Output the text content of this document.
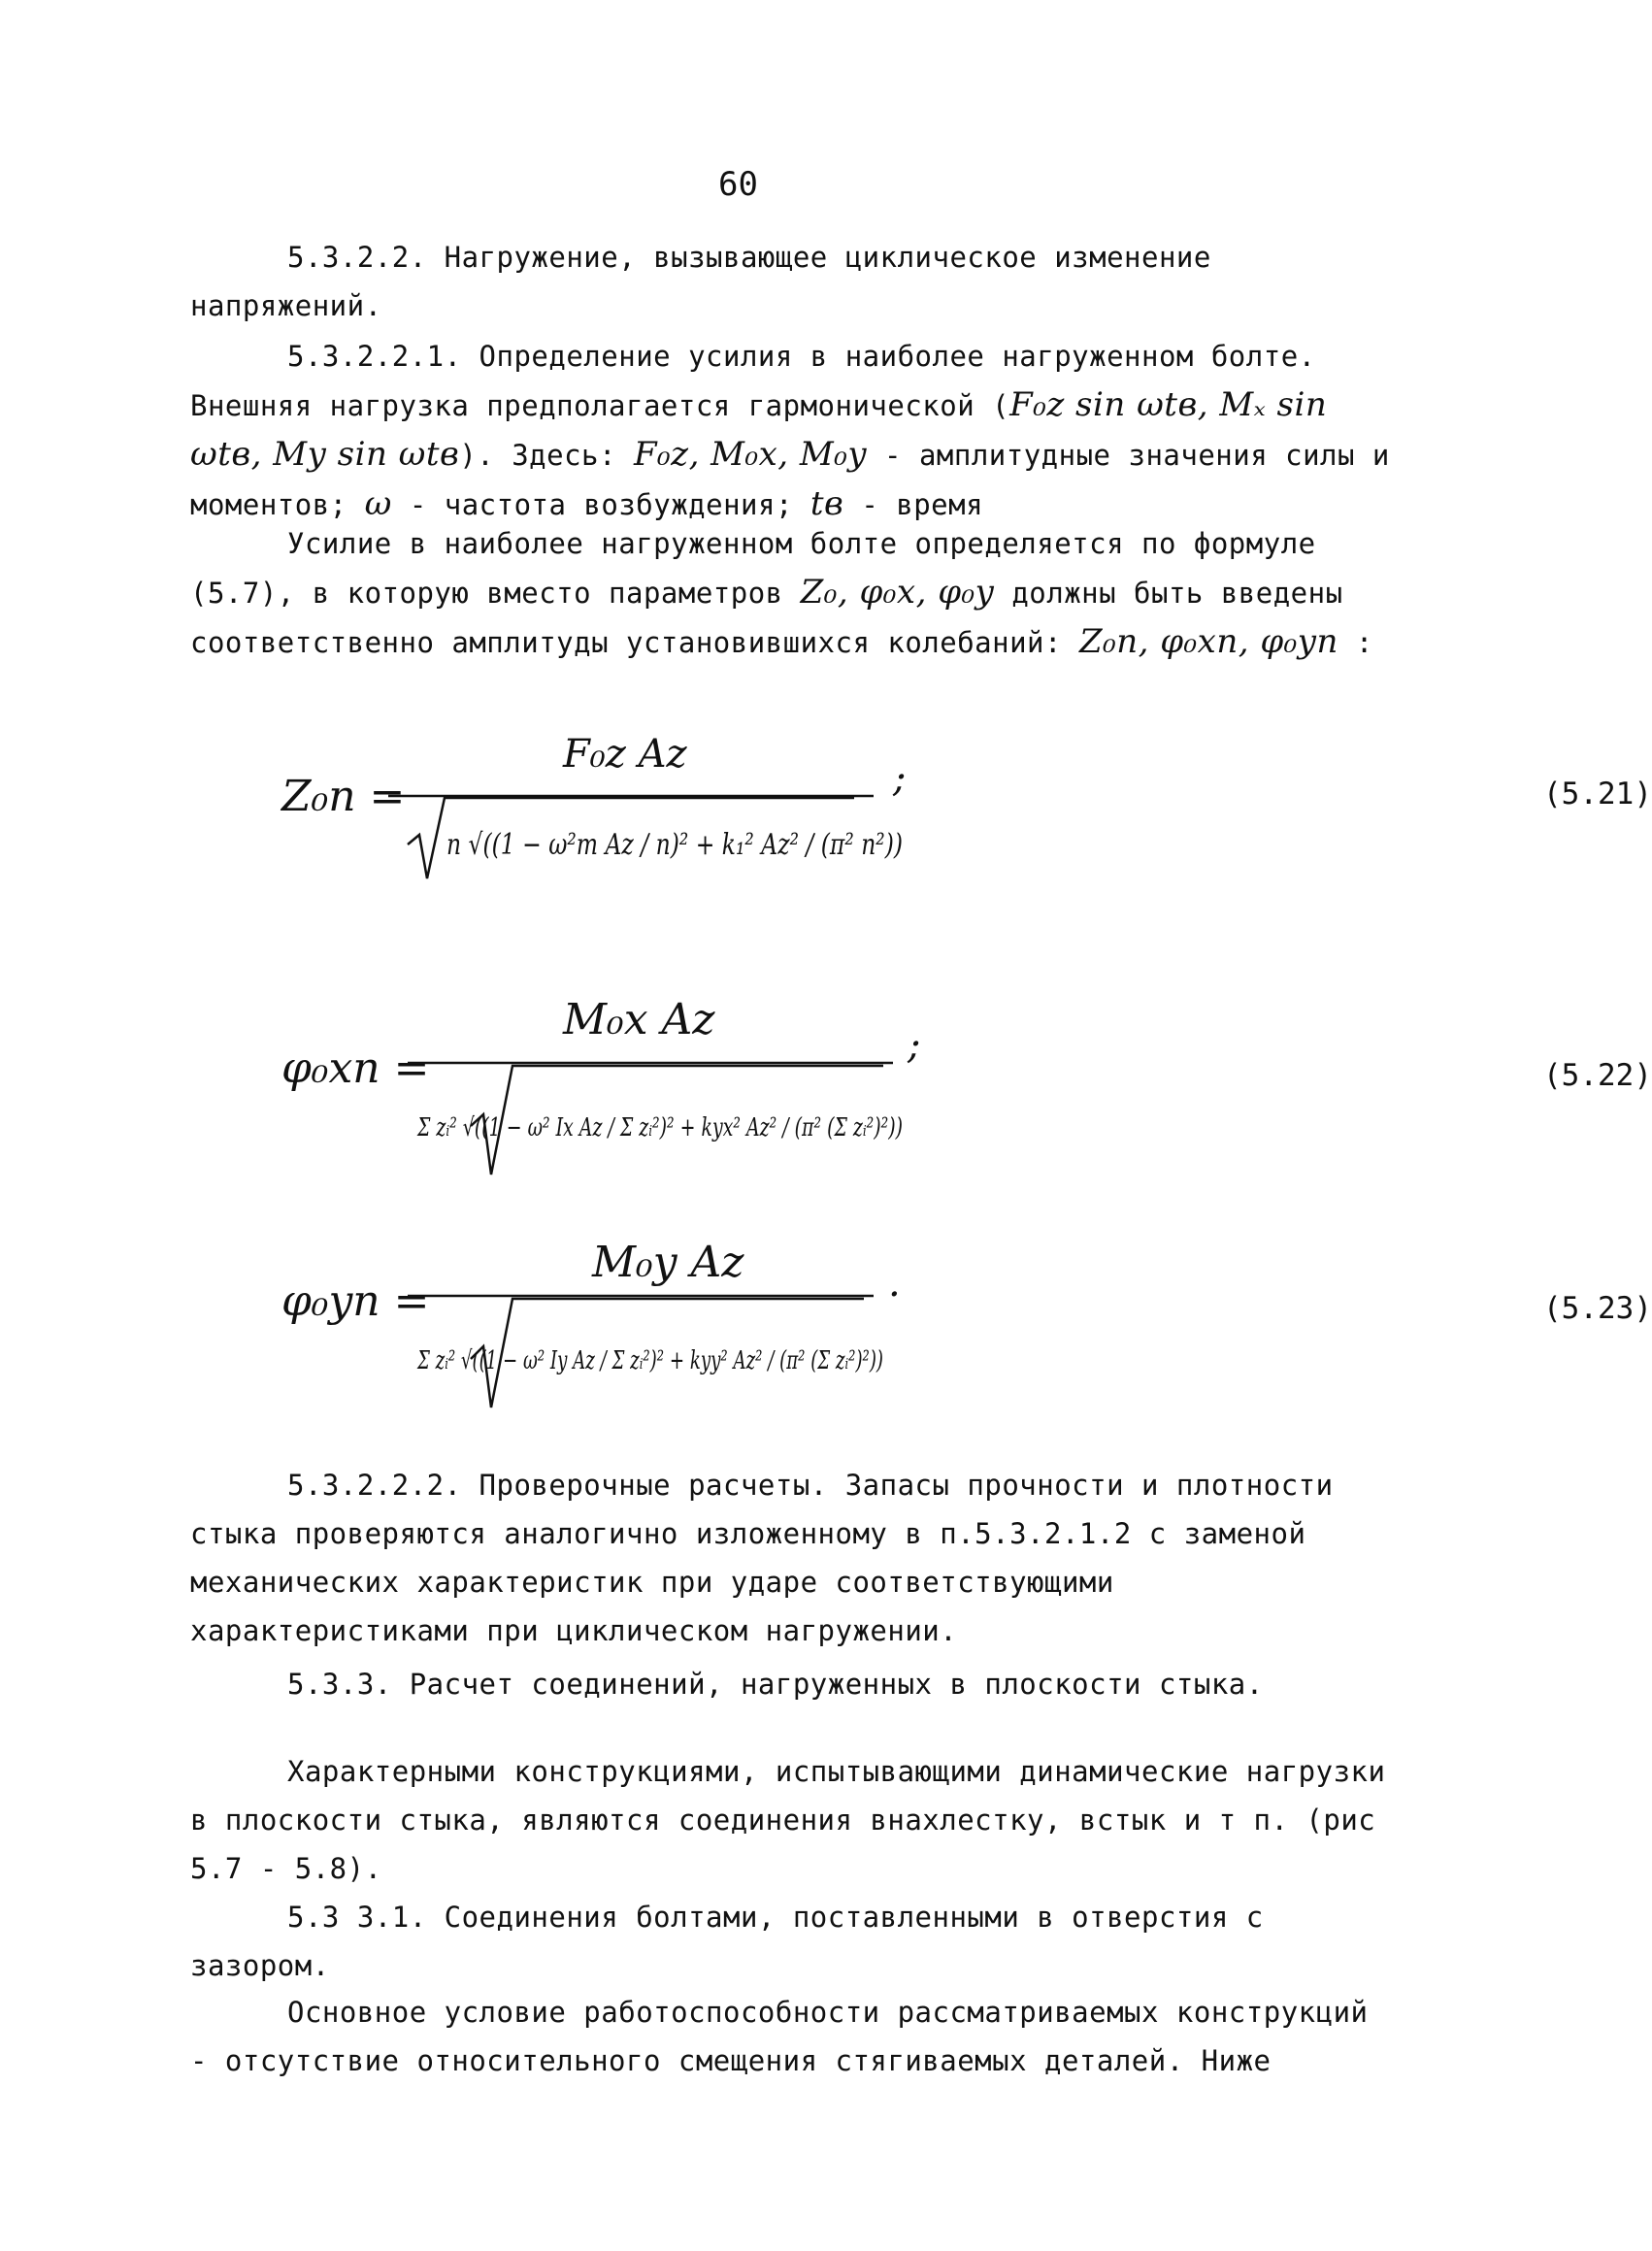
60
5.3.2.2. Нагружение, вызывающее циклическое изменение напряжений.
5.3.2.2.1. Определение усилия в наиболее нагруженном болте. Внешняя нагрузка предполагается гармонической (F₀z sin ωtв, Mₓ sin ωtв, My sin ωtв). Здесь: F₀z, M₀x, M₀y - амплитудные значения силы и моментов; ω - частота возбуждения; tв - время
Усилие в наиболее нагруженном болте определяется по формуле (5.7), в которую вместо параметров Z₀, φ₀x, φ₀y должны быть введены соответственно амплитуды установившихся колебаний: Z₀n, φ₀xn, φ₀yn :
Z₀n =
F₀z Az
n √((1 − ω²m Az / n)² + k₁² Az² / (π² n²))
;	(5.21)
φ₀xn =
M₀x Az
Σ zᵢ² √((1 − ω² Ix Az / Σ zᵢ²)² + kyx² Az² / (π² (Σ zᵢ²)²))
;
(5.22)
φ₀yn =
M₀y Az
Σ zᵢ² √((1 − ω² Iy Az / Σ zᵢ²)² + kyy² Az² / (π² (Σ zᵢ²)²))
.
(5.23)
5.3.2.2.2. Проверочные расчеты. Запасы прочности и плотности стыка проверяются аналогично изложенному в п.5.3.2.1.2 с заменой механических характеристик при ударе соответствующими характеристиками при циклическом нагружении.
5.3.3. Расчет соединений, нагруженных в плоскости стыка.
Характерными конструкциями, испытывающими динамические нагрузки в плоскости стыка, являются соединения внахлестку, встык и т п. (рис 5.7 - 5.8).
5.3 3.1. Соединения болтами, поставленными в отверстия с зазором.
Основное условие работоспособности рассматриваемых конструкций - отсутствие относительного смещения стягиваемых деталей. Ниже
